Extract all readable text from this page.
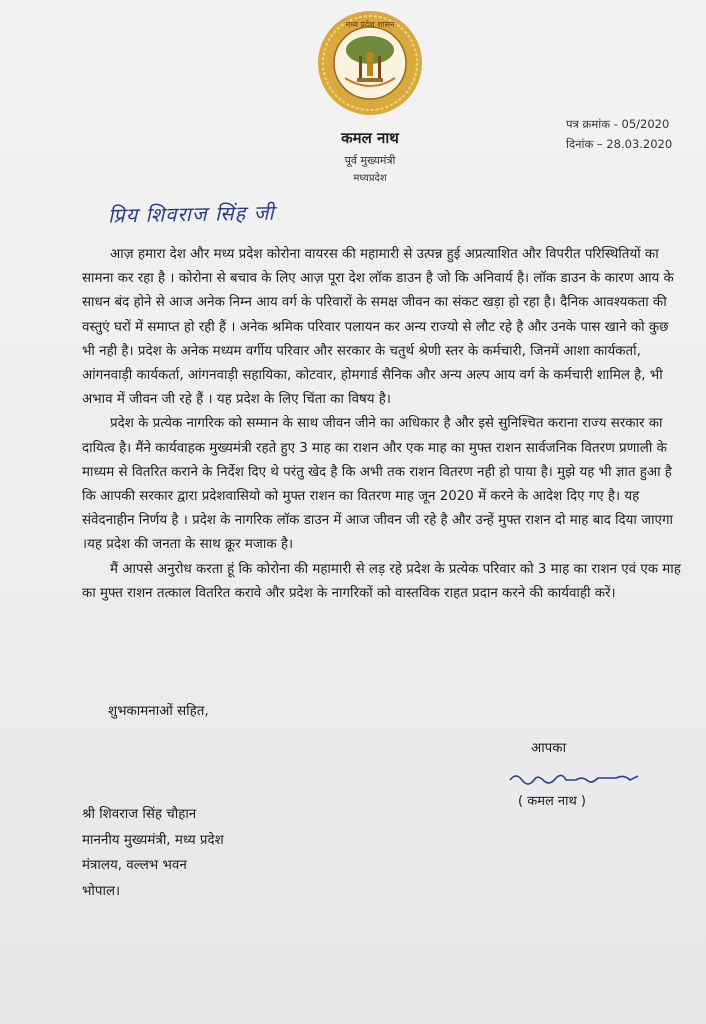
मध्य प्रदेश शासन
कमल नाथ
पूर्व मुख्यमंत्री
मध्यप्रदेश
पत्र क्रमांक - 05/2020
दिनांक – 28.03.2020
प्रिय शिवराज सिंह जी

आज़ हमारा देश और मध्य प्रदेश कोरोना वायरस की महामारी से उत्पन्न हुई अप्रत्याशित और विपरीत परिस्थितियों का सामना कर रहा है । कोरोना से बचाव के लिए आज़ पूरा देश लॉक डाउन है जो कि अनिवार्य है। लॉक डाउन के कारण आय के साधन बंद होने से आज अनेक निम्न आय वर्ग के परिवारों के समक्ष जीवन का संकट खड़ा हो रहा है। दैनिक आवश्यकता की वस्तुएं घरों में समाप्त हो रही हैं । अनेक श्रमिक परिवार पलायन कर अन्य राज्यो से लौट रहे है और उनके पास खाने को कुछ भी नही है। प्रदेश के अनेक मध्यम वर्गीय परिवार और सरकार के चतुर्थ श्रेणी स्तर के कर्मचारी, जिनमें आशा कार्यकर्ता, आंगनवाड़ी कार्यकर्ता, आंगनवाड़ी सहायिका, कोटवार, होमगार्ड सैनिक और अन्य अल्प आय वर्ग के कर्मचारी शामिल है, भी अभाव में जीवन जी रहे हैं । यह प्रदेश के लिए चिंता का विषय है।

प्रदेश के प्रत्येक नागरिक को सम्मान के साथ जीवन जीने का अधिकार है और इसे सुनिश्चित कराना राज्य सरकार का दायित्व है। मैंने कार्यवाहक मुख्यमंत्री रहते हुए 3 माह का राशन और एक माह का मुफ्त राशन सार्वजनिक वितरण प्रणाली के माध्यम से वितरित कराने के निर्देश दिए थे परंतु खेद है कि अभी तक राशन वितरण नही हो पाया है। मुझे यह भी ज्ञात हुआ है कि आपकी सरकार द्वारा प्रदेशवासियो को मुफ्त राशन का वितरण माह जून 2020 में करने के आदेश दिए गए है। यह संवेदनाहीन निर्णय है । प्रदेश के नागरिक लॉक डाउन में आज जीवन जी रहे है और उन्हें मुफ्त राशन दो माह बाद दिया जाएगा ।यह प्रदेश की जनता के साथ क्रूर मजाक है।

मैं आपसे अनुरोध करता हूं कि कोरोना की महामारी से लड़ रहे प्रदेश के प्रत्येक परिवार को 3 माह का राशन एवं एक माह का मुफ्त राशन तत्काल वितरित करावे और प्रदेश के नागरिकों को वास्तविक राहत प्रदान करने की कार्यवाही करें।

शुभकामनाओं सहित,
आपका
( कमल नाथ )
श्री शिवराज सिंह चौहान
माननीय मुख्यमंत्री, मध्य प्रदेश
मंत्रालय, वल्लभ भवन
भोपाल।
